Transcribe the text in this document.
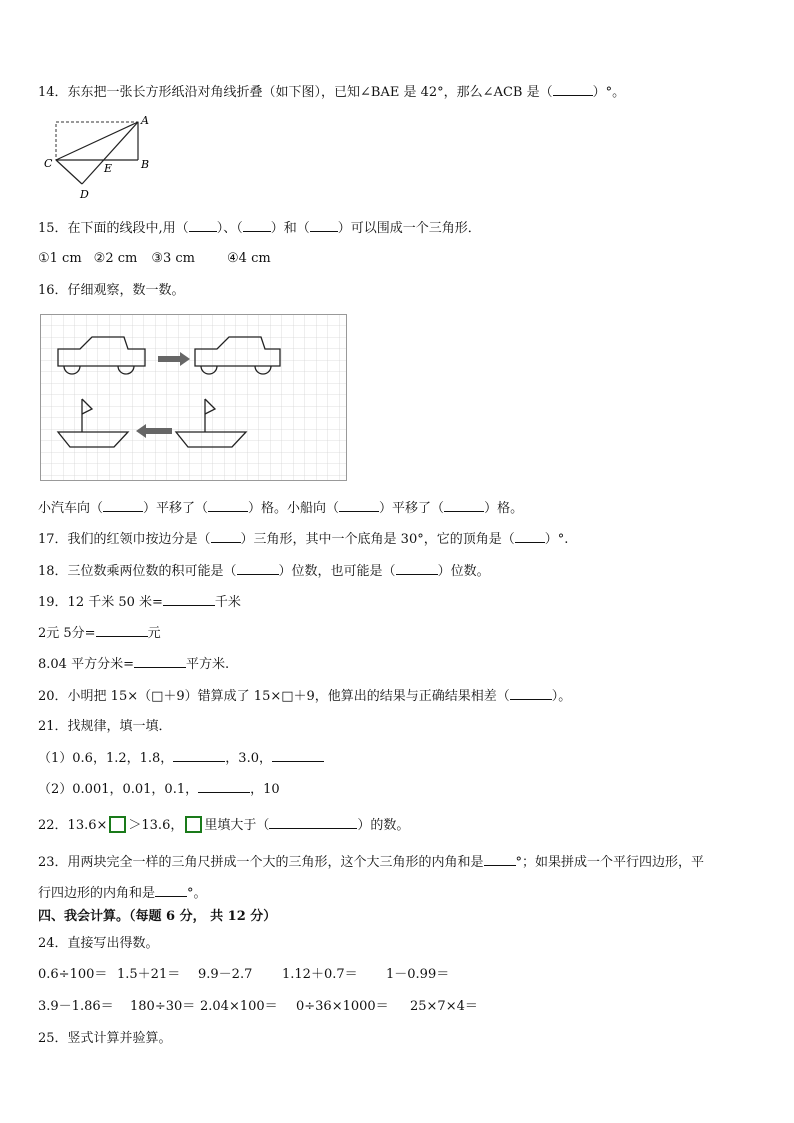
14．东东把一张长方形纸沿对角线折叠（如下图），已知∠BAE 是 42°，那么∠ACB 是（	）°。
A
B
C
D
E
15．在下面的线段中,用（ ）、（ ）和（ ）可以围成一个三角形．
①1 cm ②2 cm ③3 cm ④4 cm
16．仔细观察，数一数。
小汽车向（	）平移了（	）格。小船向（	）平移了（	）格。
17．我们的红领巾按边分是（ ）三角形，其中一个底角是 30°，它的顶角是（ ）°.
18．三位数乘两位数的积可能是（	）位数，也可能是（	）位数。
19．12 千米 50 米=	千米
2元 5分=	元
8.04 平方分米=	平方米.
20．小明把 15×（□＋9）错算成了 15×□＋9，他算出的结果与正确结果相差（	）。
21．找规律，填一填．
（1）0.6，1.2，1.8，	，3.0，
（2）0.001，0.01，0.1，	，10
22．13.6× ＞13.6， 里填大于（	）的数。
23．用两块完全一样的三角尺拼成一个大的三角形，这个大三角形的内角和是 °；如果拼成一个平行四边形，平
行四边形的内角和是 °。
四、我会计算。（每题 6 分， 共 12 分）
24．直接写出得数。
0.6÷100＝ 1.5＋21＝ 9.9－2.7 1.12＋0.7＝ 1－0.99＝
3.9－1.86＝ 180÷30＝ 2.04×100＝ 0÷36×1000＝ 25×7×4＝
25．竖式计算并验算。
